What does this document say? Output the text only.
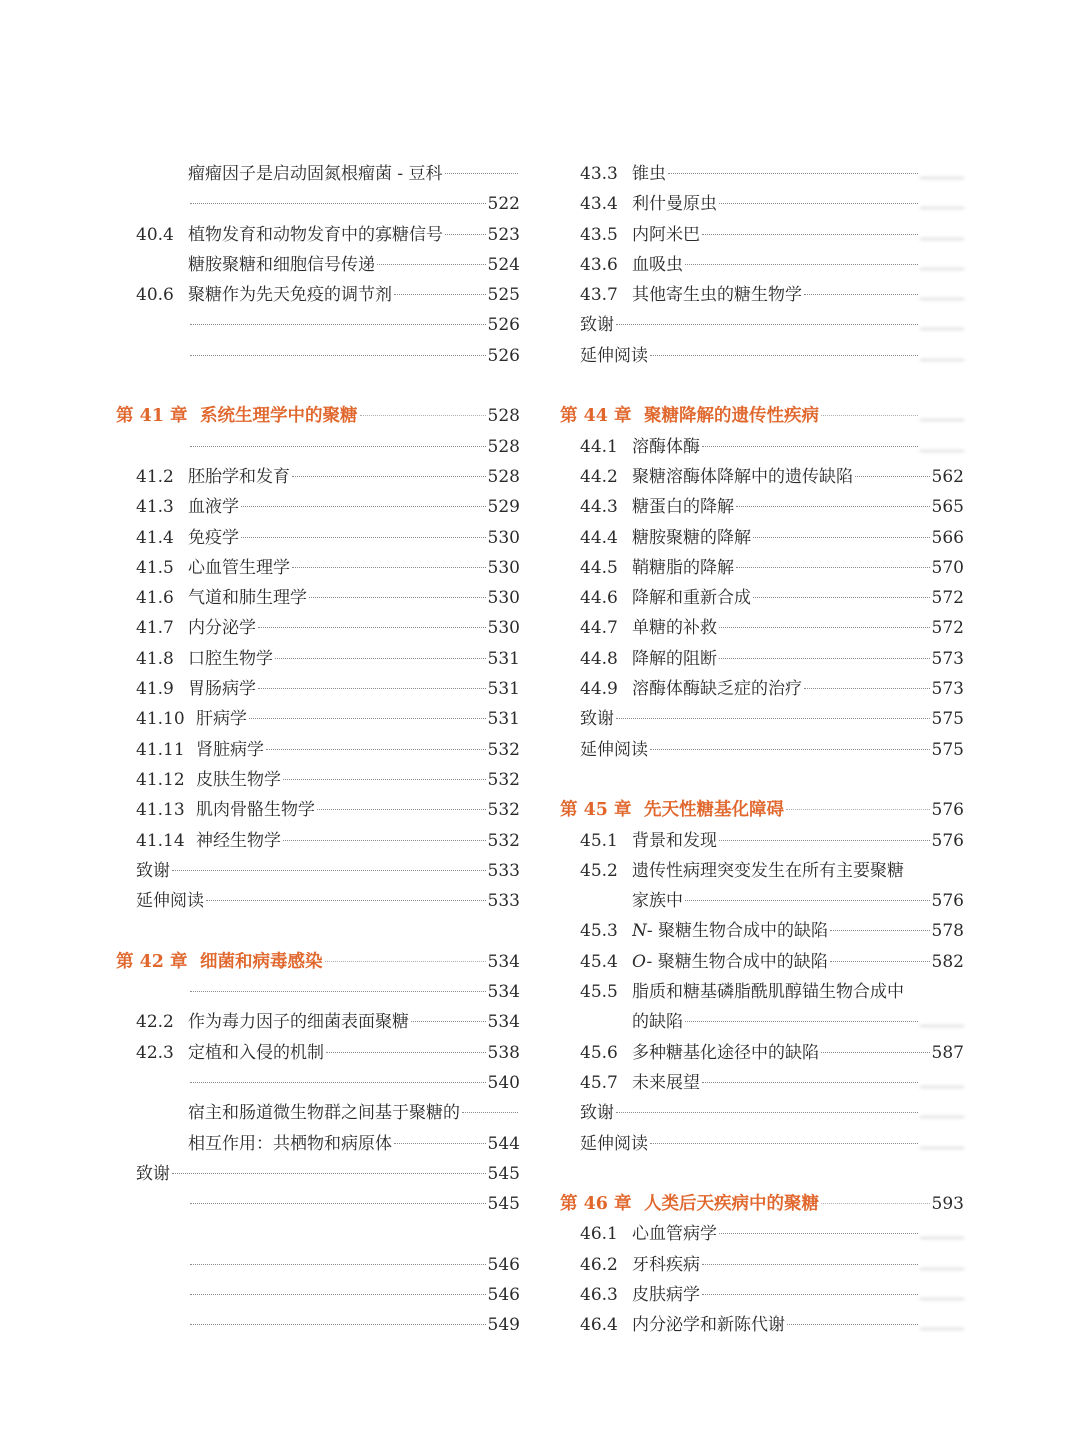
瘤瘤因子是启动固氮根瘤菌 - 豆科
522
40.4 植物发育和动物发育中的寡糖信号	523
糖胺聚糖和细胞信号传递	524
40.6 聚糖作为先天免疫的调节剂	525
526
526
第 41 章 系统生理学中的聚糖	528
528
41.2 胚胎学和发育	528
41.3 血液学	529
41.4 免疫学	530
41.5 心血管生理学	530
41.6 气道和肺生理学	530
41.7 内分泌学	530
41.8 口腔生物学	531
41.9 胃肠病学	531
41.10 肝病学	531
41.11 肾脏病学	532
41.12 皮肤生物学	532
41.13 肌肉骨骼生物学	532
41.14 神经生物学	532
致谢	533
延伸阅读	533
第 42 章 细菌和病毒感染	534
534
42.2 作为毒力因子的细菌表面聚糖	534
42.3 定植和入侵的机制	538
540
宿主和肠道微生物群之间基于聚糖的
相互作用：共栖物和病原体	544
致谢	545
545
546
546
549
43.3 锥虫
43.4 利什曼原虫
43.5 内阿米巴
43.6 血吸虫
43.7 其他寄生虫的糖生物学
致谢
延伸阅读
第 44 章 聚糖降解的遗传性疾病
44.1 溶酶体酶
44.2 聚糖溶酶体降解中的遗传缺陷	562
44.3 糖蛋白的降解	565
44.4 糖胺聚糖的降解	566
44.5 鞘糖脂的降解	570
44.6 降解和重新合成	572
44.7 单糖的补救	572
44.8 降解的阻断	573
44.9 溶酶体酶缺乏症的治疗	573
致谢	575
延伸阅读	575
第 45 章 先天性糖基化障碍	576
45.1 背景和发现	576
45.2 遗传性病理突变发生在所有主要聚糖
家族中	576
45.3 N- 聚糖生物合成中的缺陷	578
45.4 O- 聚糖生物合成中的缺陷	582
45.5 脂质和糖基磷脂酰肌醇锚生物合成中
的缺陷
45.6 多种糖基化途径中的缺陷	587
45.7 未来展望
致谢
延伸阅读
第 46 章 人类后天疾病中的聚糖	593
46.1 心血管病学
46.2 牙科疾病
46.3 皮肤病学
46.4 内分泌学和新陈代谢
